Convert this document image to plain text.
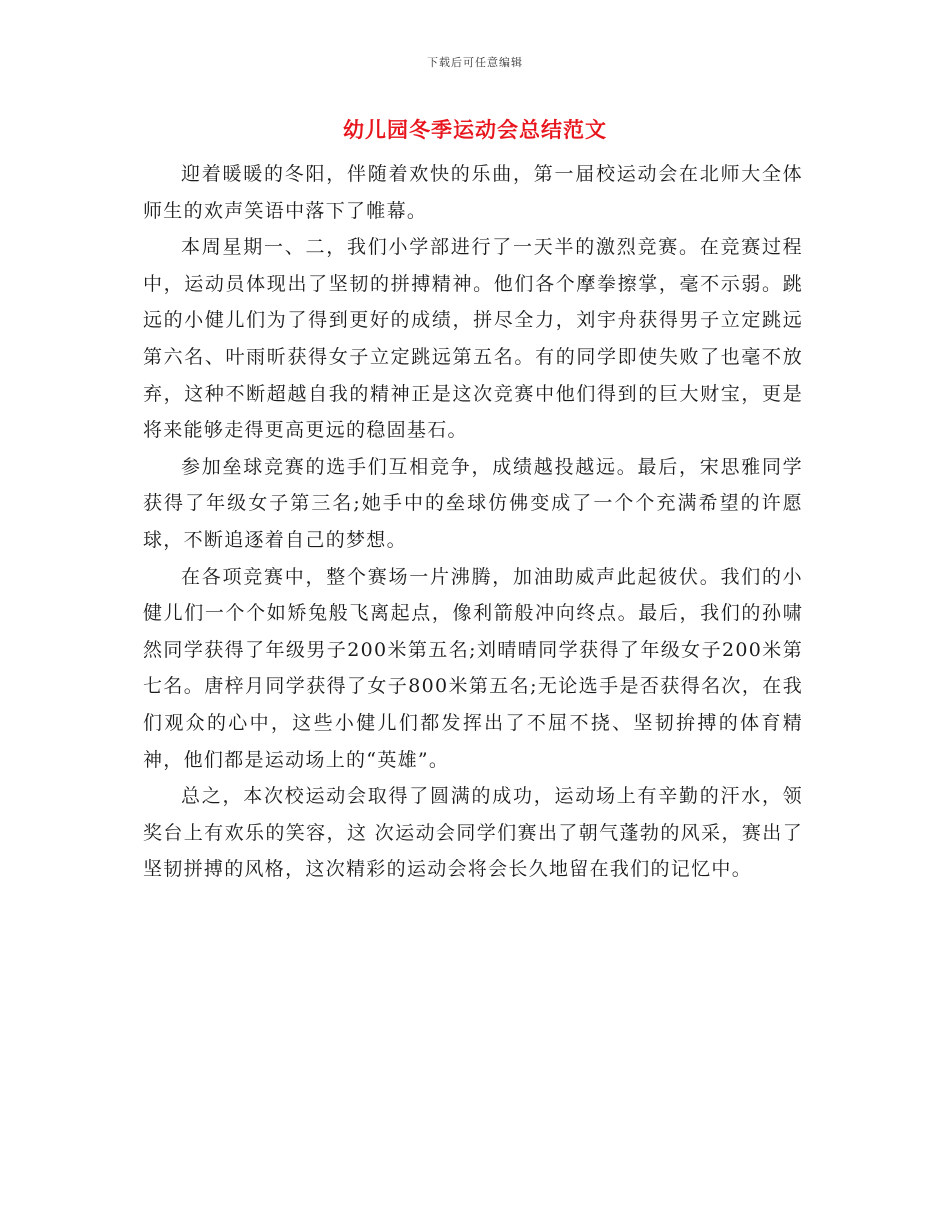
下载后可任意编辑
幼儿园冬季运动会总结范文

迎着暖暖的冬阳，伴随着欢快的乐曲，第一届校运动会在北师大全体师生的欢声笑语中落下了帷幕。

本周星期一、二，我们小学部进行了一天半的激烈竞赛。在竞赛过程中，运动员体现出了坚韧的拼搏精神。他们各个摩拳擦掌，毫不示弱。跳远的小健儿们为了得到更好的成绩，拼尽全力，刘宇舟获得男子立定跳远第六名、叶雨昕获得女子立定跳远第五名。有的同学即使失败了也毫不放弃，这种不断超越自我的精神正是这次竞赛中他们得到的巨大财宝，更是将来能够走得更高更远的稳固基石。

参加垒球竞赛的选手们互相竞争，成绩越投越远。最后，宋思雅同学获得了年级女子第三名;她手中的垒球仿佛变成了一个个充满希望的许愿球，不断追逐着自己的梦想。

在各项竞赛中，整个赛场一片沸腾，加油助威声此起彼伏。我们的小健儿们一个个如矫兔般飞离起点，像利箭般冲向终点。最后，我们的孙啸然同学获得了年级男子200米第五名;刘晴晴同学获得了年级女子200米第七名。唐梓月同学获得了女子800米第五名;无论选手是否获得名次，在我们观众的心中，这些小健儿们都发挥出了不屈不挠、坚韧拚搏的体育精神，他们都是运动场上的“英雄”。

总之，本次校运动会取得了圆满的成功，运动场上有辛勤的汗水，领奖台上有欢乐的笑容，这 次运动会同学们赛出了朝气蓬勃的风采，赛出了坚韧拼搏的风格，这次精彩的运动会将会长久地留在我们的记忆中。
